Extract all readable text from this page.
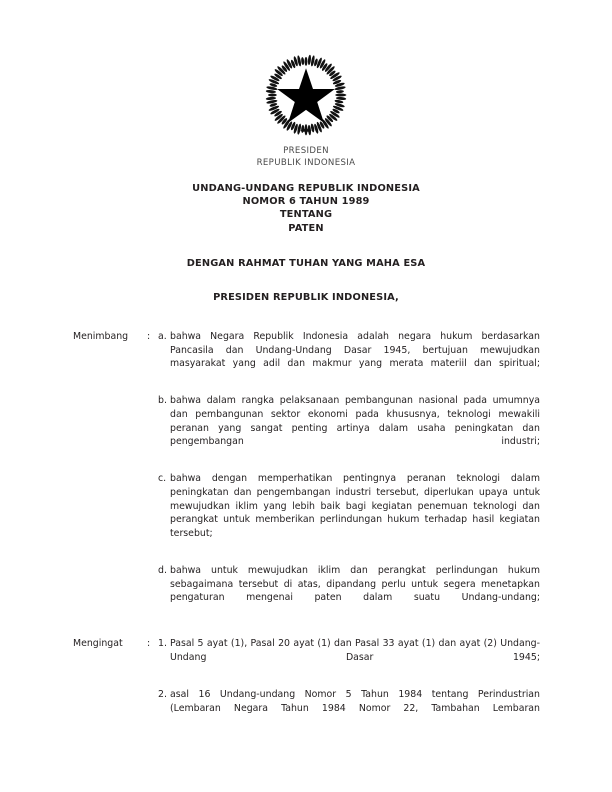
PRESIDEN
REPUBLIK INDONESIA
UNDANG-UNDANG REPUBLIK INDONESIA
NOMOR 6 TAHUN 1989
TENTANG
PATEN
DENGAN RAHMAT TUHAN YANG MAHA ESA
PRESIDEN REPUBLIK INDONESIA,
Menimbang : a. bahwa Negara Republik Indonesia adalah negara hukum berdasarkan Pancasila dan Undang-Undang Dasar 1945, bertujuan mewujudkan masyarakat yang adil dan makmur yang merata materiil dan spiritual;
b. bahwa dalam rangka pelaksanaan pembangunan nasional pada umumnya dan pembangunan sektor ekonomi pada khususnya, teknologi mewakili peranan yang sangat penting artinya dalam usaha peningkatan dan pengembangan industri;
c. bahwa dengan memperhatikan pentingnya peranan teknologi dalam peningkatan dan pengembangan industri tersebut, diperlukan upaya untuk mewujudkan iklim yang lebih baik bagi kegiatan penemuan teknologi dan perangkat untuk memberikan perlindungan hukum terhadap hasil kegiatan tersebut;
d. bahwa untuk mewujudkan iklim dan perangkat perlindungan hukum sebagaimana tersebut di atas, dipandang perlu untuk segera menetapkan pengaturan mengenai paten dalam suatu Undang-undang;
Mengingat	: 1. Pasal 5 ayat (1), Pasal 20 ayat (1) dan Pasal 33 ayat (1) dan ayat (2) Undang-Undang Dasar 1945;
2. asal 16 Undang-undang Nomor 5 Tahun 1984 tentang Perindustrian (Lembaran Negara Tahun 1984 Nomor 22, Tambahan Lembaran
